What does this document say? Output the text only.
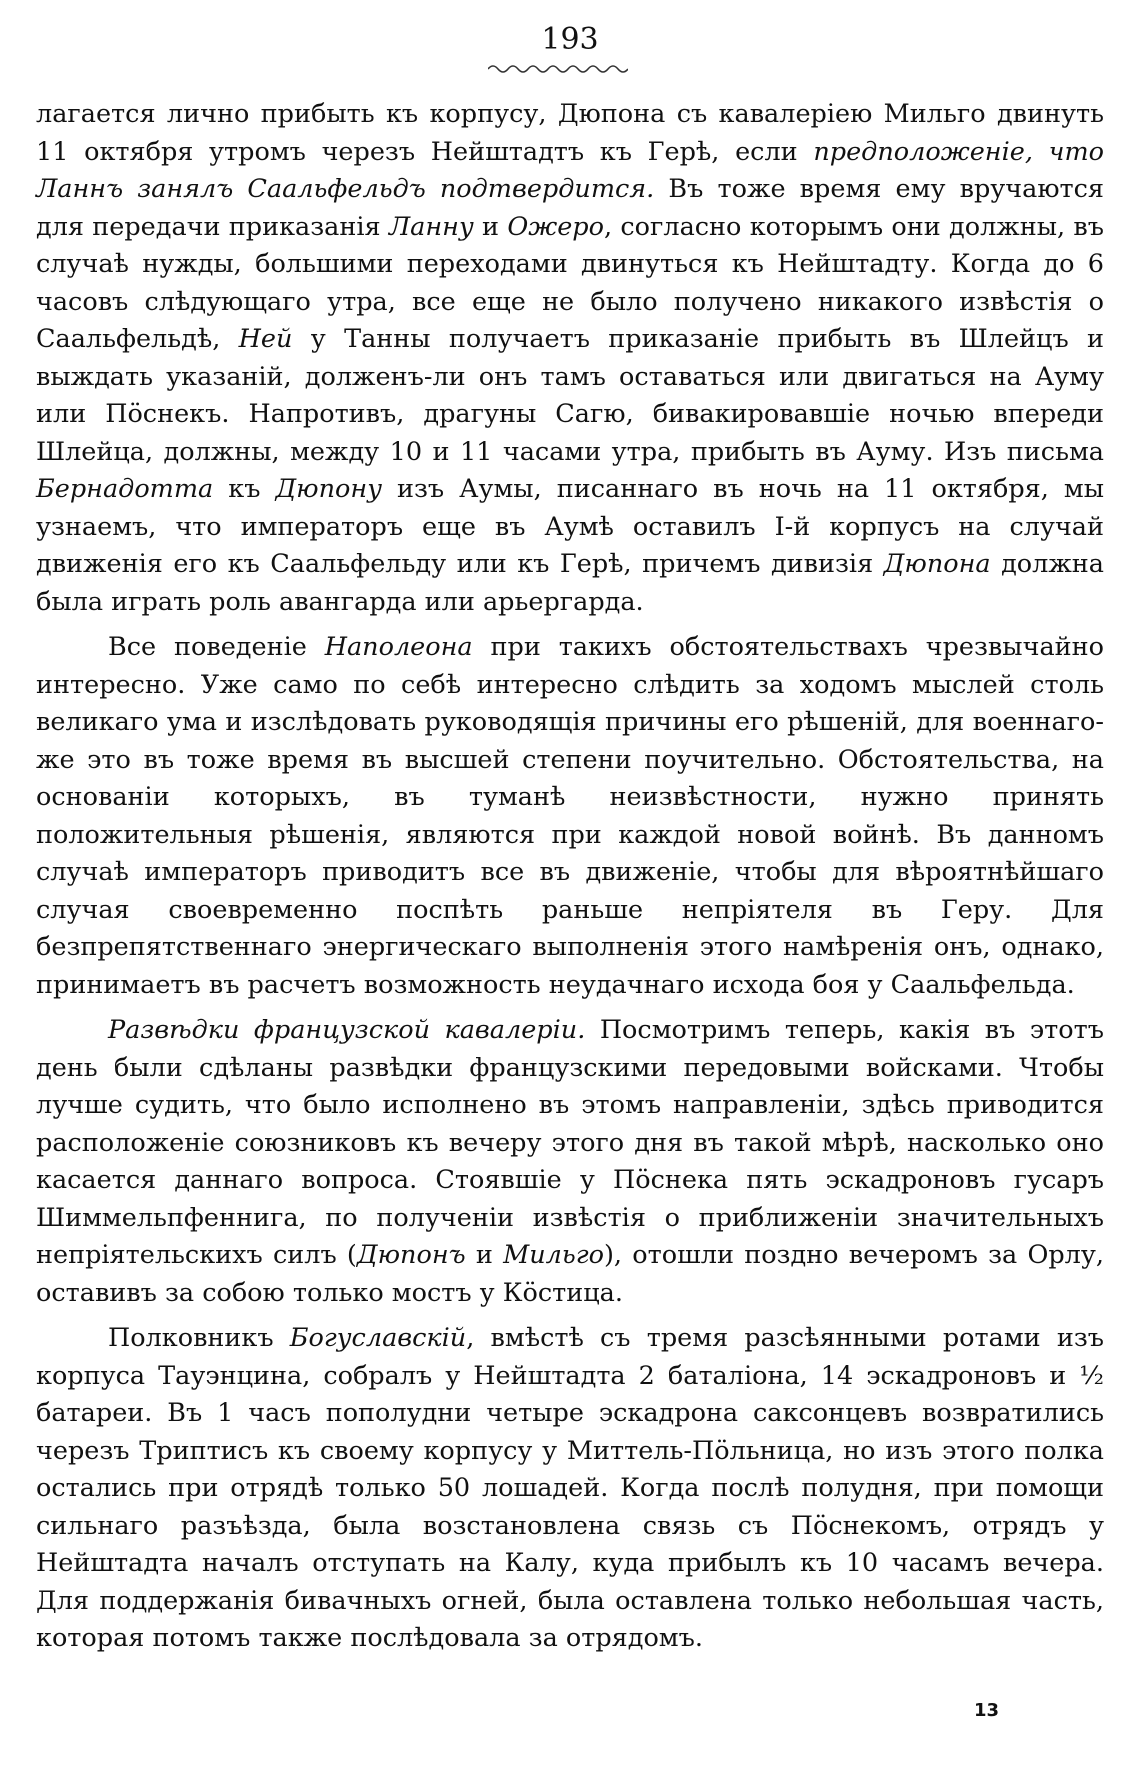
193

лагается лично прибыть къ корпусу, Дюпона съ кавалеріею Мильго двинуть 11 октября утромъ черезъ Нейштадтъ къ Герѣ, если предположеніе, что Ланнъ занялъ Саальфельдъ подтвердится. Въ тоже время ему вручаются для передачи приказанія Ланну и Ожеро, согласно которымъ они должны, въ случаѣ нужды, большими переходами двинуться къ Нейштадту. Когда до 6 часовъ слѣдующаго утра, все еще не было получено никакого извѣстія о Саальфельдѣ, Ней у Танны получаетъ приказаніе прибыть въ Шлейцъ и выждать указаній, долженъ-ли онъ тамъ оставаться или двигаться на Ауму или Пӧснекъ. Напротивъ, драгуны Сагю, бивакировавшіе ночью впереди Шлейца, должны, между 10 и 11 часами утра, прибыть въ Ауму. Изъ письма Бернадотта къ Дюпону изъ Аумы, писаннаго въ ночь на 11 октября, мы узнаемъ, что императоръ еще въ Аумѣ оставилъ I-й корпусъ на случай движенія его къ Саальфельду или къ Герѣ, причемъ дивизія Дюпона должна была играть роль авангарда или арьергарда.

Все поведеніе Наполеона при такихъ обстоятельствахъ чрезвычайно интересно. Уже само по себѣ интересно слѣдить за ходомъ мыслей столь великаго ума и изслѣдовать руководящія причины его рѣшеній, для военнаго-же это въ тоже время въ высшей степени поучительно. Обстоятельства, на основаніи которыхъ, въ туманѣ неизвѣстности, нужно принять положительныя рѣшенія, являются при каждой новой войнѣ. Въ данномъ случаѣ императоръ приводитъ все въ движеніе, чтобы для вѣроятнѣйшаго случая своевременно поспѣть раньше непріятеля въ Геру. Для безпрепятственнаго энергическаго выполненія этого намѣренія онъ, однако, принимаетъ въ расчетъ возможность неудачнаго исхода боя у Саальфельда.

Развѣдки французской кавалеріи. Посмотримъ теперь, какія въ этотъ день были сдѣланы развѣдки французскими передовыми войсками. Чтобы лучше судить, что было исполнено въ этомъ направленіи, здѣсь приводится расположеніе союзниковъ къ вечеру этого дня въ такой мѣрѣ, насколько оно касается даннаго вопроса. Стоявшіе у Пӧснека пять эскадроновъ гусаръ Шиммельпфеннига, по полученіи извѣстія о приближеніи значительныхъ непріятельскихъ силъ (Дюпонъ и Мильго), отошли поздно вечеромъ за Орлу, оставивъ за собою только мостъ у Кӧстица.

Полковникъ Богуславскій, вмѣстѣ съ тремя разсѣянными ротами изъ корпуса Тауэнцина, собралъ у Нейштадта 2 баталіона, 14 эскадроновъ и ½ батареи. Въ 1 часъ пополудни четыре эскадрона саксонцевъ возвратились черезъ Триптисъ къ своему корпусу у Миттель-Пӧльница, но изъ этого полка остались при отрядѣ только 50 лошадей. Когда послѣ полудня, при помощи сильнаго разъѣзда, была возстановлена связь съ Пӧснекомъ, отрядъ у Нейштадта началъ отступать на Калу, куда прибылъ къ 10 часамъ вечера. Для поддержанія бивачныхъ огней, была оставлена только небольшая часть, которая потомъ также послѣдовала за отрядомъ.

13
